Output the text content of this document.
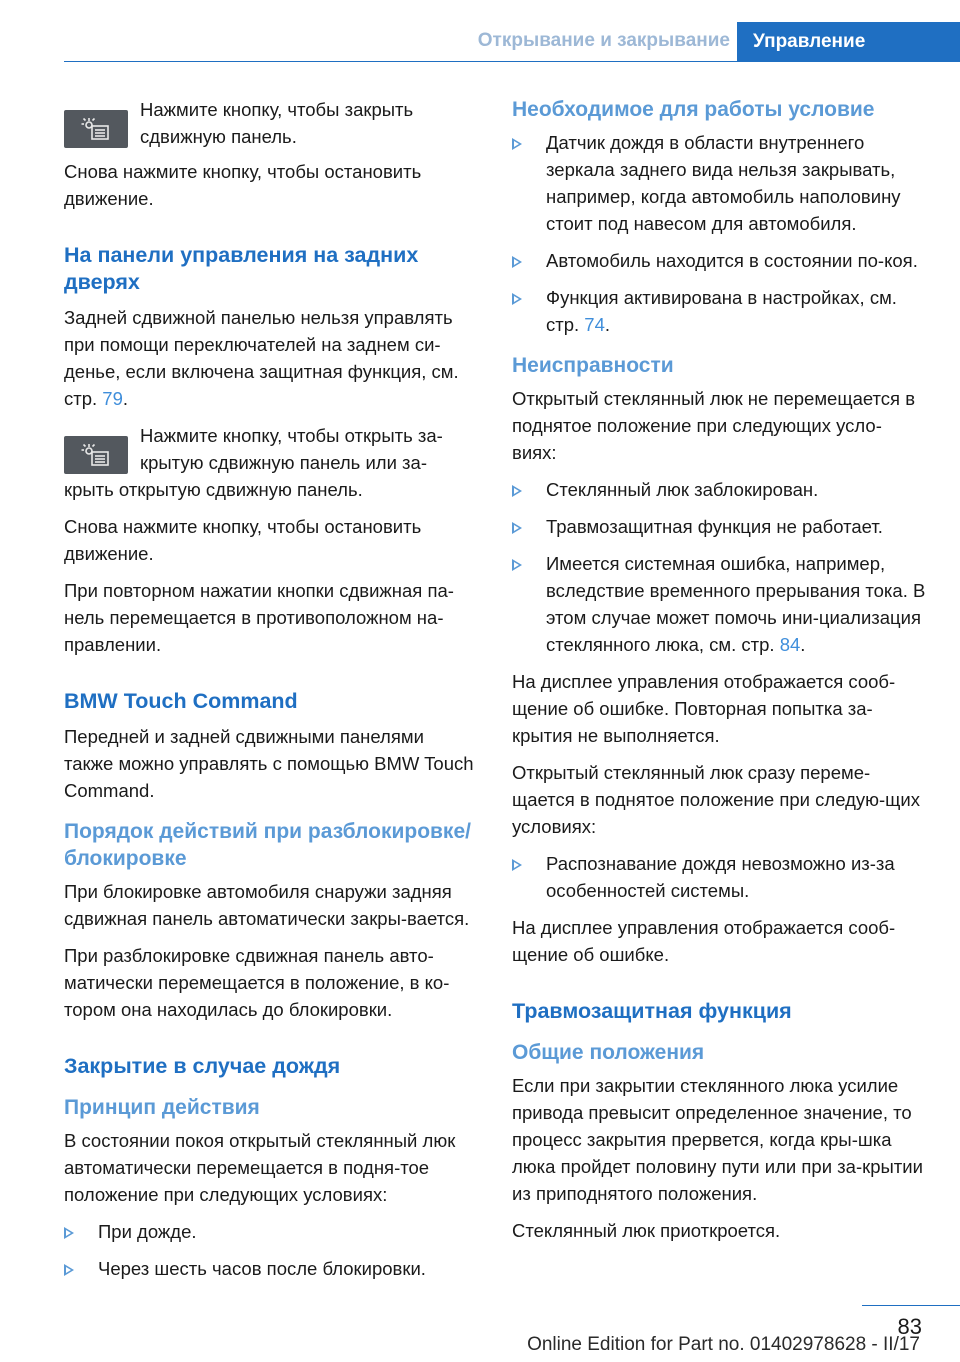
Открывание и закрывание	Управление
Нажмите кнопку, чтобы закрыть сдвижную панель.

Снова нажмите кнопку, чтобы остановить движение.

На панели управления на задних дверях

Задней сдвижной панелью нельзя управлять при помощи переключателей на заднем си-денье, если включена защитная функция, см. стр. 79.

Нажмите кнопку, чтобы открыть за-крытую сдвижную панель или за-

крыть открытую сдвижную панель.

Снова нажмите кнопку, чтобы остановить движение.

При повторном нажатии кнопки сдвижная па-нель перемещается в противоположном на-правлении.

BMW Touch Command

Передней и задней сдвижными панелями также можно управлять с помощью BMW Touch Command.

Порядок действий при разблокировке/блокировке

При блокировке автомобиля снаружи задняя сдвижная панель автоматически закры-вается.

При разблокировке сдвижная панель авто-матически перемещается в положение, в ко-тором она находилась до блокировки.

Закрытие в случае дождя
Принцип действия

В состоянии покоя открытый стеклянный люк автоматически перемещается в подня-тое положение при следующих условиях:

При дожде.
Через шесть часов после блокировки.
Необходимое для работы условие
Датчик дождя в области внутреннего зеркала заднего вида нельзя закрывать, например, когда автомобиль наполовину стоит под навесом для автомобиля.
Автомобиль находится в состоянии по-коя.
Функция активирована в настройках, см. стр. 74.
Неисправности

Открытый стеклянный люк не перемещается в поднятое положение при следующих усло-виях:

Стеклянный люк заблокирован.
Травмозащитная функция не работает.
Имеется системная ошибка, например, вследствие временного прерывания тока. В этом случае может помочь ини-циализация стеклянного люка, см. стр. 84.

На дисплее управления отображается сооб-щение об ошибке. Повторная попытка за-крытия не выполняется.

Открытый стеклянный люк сразу переме-щается в поднятое положение при следую-щих условиях:

Распознавание дождя невозможно из-за особенностей системы.

На дисплее управления отображается сооб-щение об ошибке.

Травмозащитная функция
Общие положения

Если при закрытии стеклянного люка усилие привода превысит определенное значение, то процесс закрытия прервется, когда кры-шка люка пройдет половину пути или при за-крытии из приподнятого положения.

Стеклянный люк приоткроется.

83
Online Edition for Part no. 01402978628 - II/17
